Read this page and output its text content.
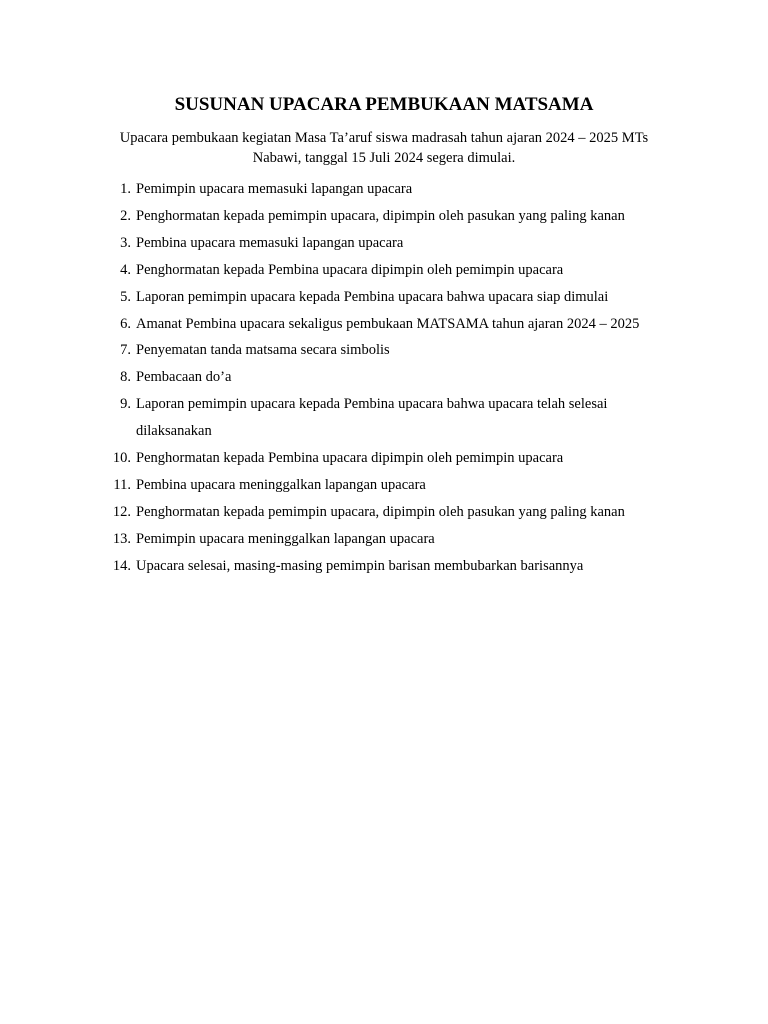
SUSUNAN UPACARA PEMBUKAAN MATSAMA

Upacara pembukaan kegiatan Masa Ta’aruf siswa madrasah tahun ajaran 2024 – 2025 MTs Nabawi, tanggal 15 Juli 2024 segera dimulai.

1. Pemimpin upacara memasuki lapangan upacara
2. Penghormatan kepada pemimpin upacara, dipimpin oleh pasukan yang paling kanan
3. Pembina upacara memasuki lapangan upacara
4. Penghormatan kepada Pembina upacara dipimpin oleh pemimpin upacara
5. Laporan pemimpin upacara kepada Pembina upacara bahwa upacara siap dimulai
6. Amanat Pembina upacara sekaligus pembukaan MATSAMA tahun ajaran 2024 – 2025
7. Penyematan tanda matsama secara simbolis
8. Pembacaan do’a
9. Laporan pemimpin upacara kepada Pembina upacara bahwa upacara telah selesai dilaksanakan
10. Penghormatan kepada Pembina upacara dipimpin oleh pemimpin upacara
11. Pembina upacara meninggalkan lapangan upacara
12. Penghormatan kepada pemimpin upacara, dipimpin oleh pasukan yang paling kanan
13. Pemimpin upacara meninggalkan lapangan upacara
14. Upacara selesai, masing-masing pemimpin barisan membubarkan barisannya
